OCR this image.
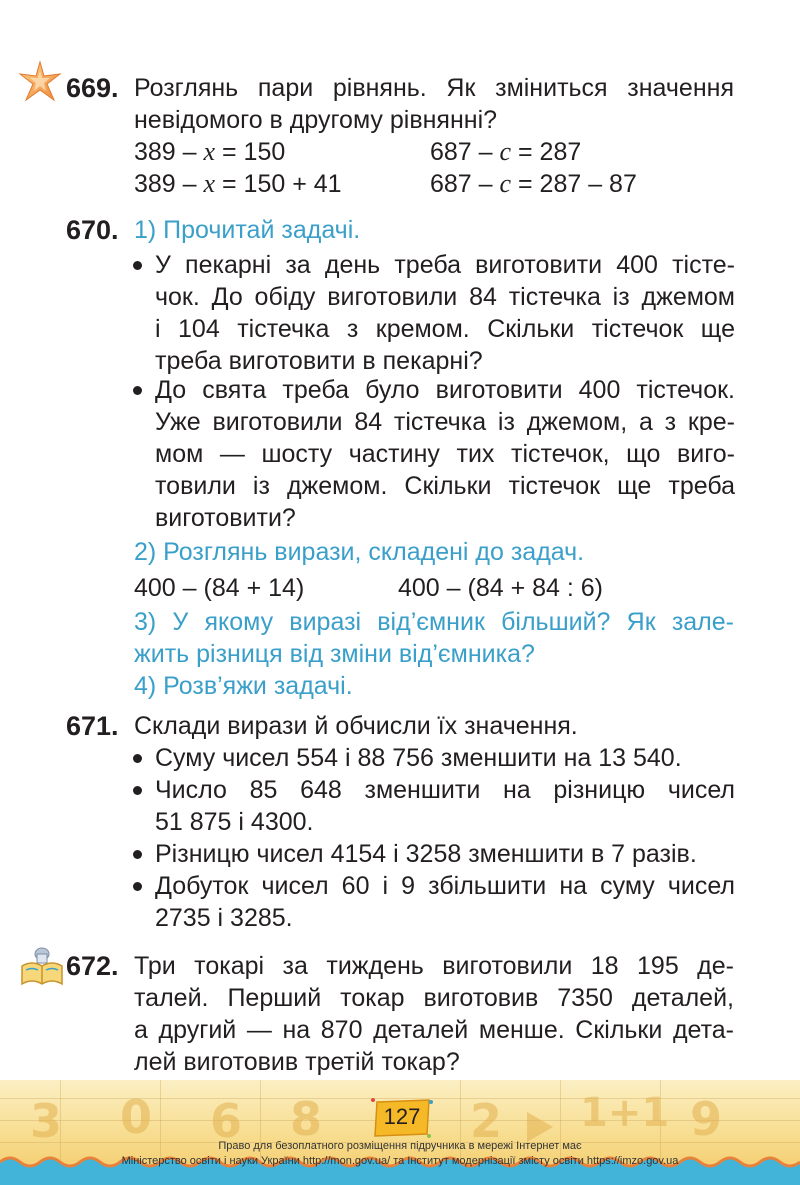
669. Розглянь пари рівнянь. Як зміниться значення
невідомого в другому рівнянні?
389 – x = 150	687 – c = 287
389 – x = 150 + 41	687 – c = 287 – 87
670. 1) Прочитай задачі.
У пекарні за день треба виготовити 400 тісте-
чок. До обіду виготовили 84 тістечка із джемом
і 104 тістечка з кремом. Скільки тістечок ще
треба виготовити в пекарні?
До свята треба було виготовити 400 тістечок.
Уже виготовили 84 тістечка із джемом, а з кре-
мом — шосту частину тих тістечок, що виго-
товили із джемом. Скільки тістечок ще треба
виготовити?
2) Розглянь вирази, складені до задач.
400 – (84 + 14)	400 – (84 + 84 : 6)
3) У якому виразі від’ємник більший? Як зале-
жить різниця від зміни від’ємника?
4) Розв’яжи задачі.
671. Склади вирази й обчисли їх значення.
Суму чисел 554 і 88 756 зменшити на 13 540.
Число 85 648 зменшити на різницю чисел
51 875 і 4300.
Різницю чисел 4154 і 3258 зменшити в 7 разів.
Добуток чисел 60 і 9 збільшити на суму чисел
2735 і 3285.
672. Три токарі за тиждень виготовили 18 195 де-
талей. Перший токар виготовив 7350 деталей,
а другий — на 870 деталей менше. Скільки дета-
лей виготовив третій токар?
3 0 6 8	2 1+1 9
127
Право для безоплатного розміщення підручника в мережі Інтернет має
Міністерство освіти і науки України http://mon.gov.ua/ та Інститут модернізації змісту освіти https://imzo.gov.ua
